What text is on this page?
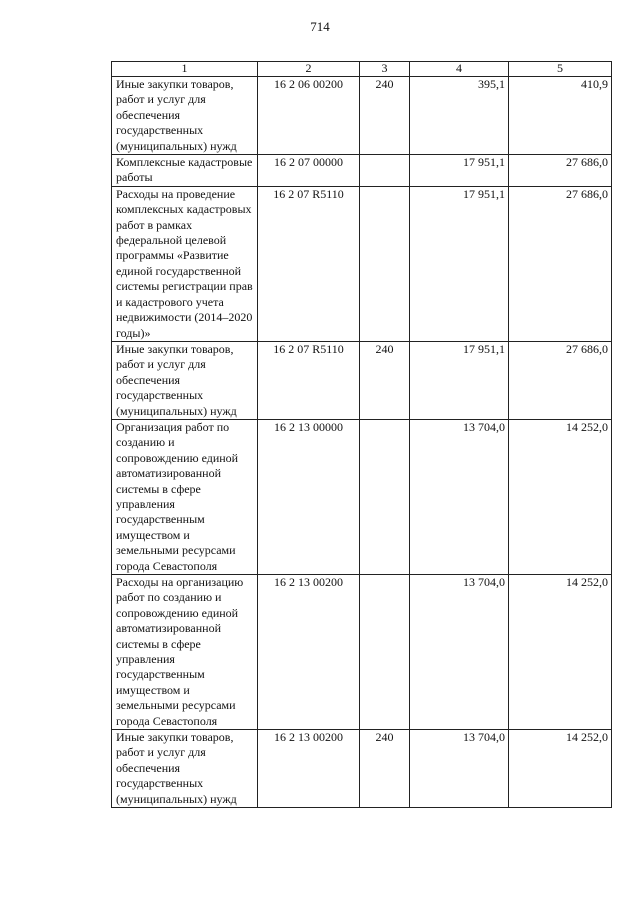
714
1	2	3	4	5
Иные закупки товаров, работ и услуг для обеспечения государственных (муниципальных) нужд	16 2 06 00200	240	395,1	410,9
Комплексные кадастровые работы	16 2 07 00000		17 951,1	27 686,0
Расходы на проведение комплексных кадастровых работ в рамках федеральной целевой программы «Развитие единой государственной системы регистрации прав и кадастрового учета недвижимости (2014–2020 годы)»	16 2 07 R5110		17 951,1	27 686,0
Иные закупки товаров, работ и услуг для обеспечения государственных (муниципальных) нужд	16 2 07 R5110	240	17 951,1	27 686,0
Организация работ по созданию и сопровождению единой автоматизированной системы в сфере управления государственным имуществом и земельными ресурсами города Севастополя	16 2 13 00000		13 704,0	14 252,0
Расходы на организацию работ по созданию и сопровождению единой автоматизированной системы в сфере управления государственным имуществом и земельными ресурсами города Севастополя	16 2 13 00200		13 704,0	14 252,0
Иные закупки товаров, работ и услуг для обеспечения государственных (муниципальных) нужд	16 2 13 00200	240	13 704,0	14 252,0
